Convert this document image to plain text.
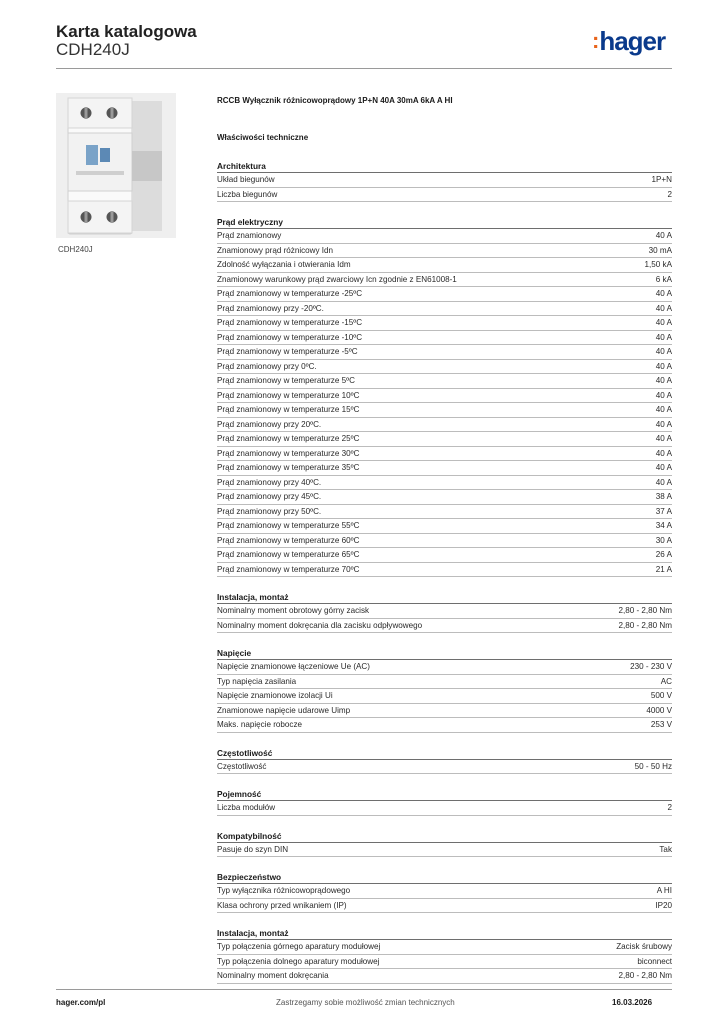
Karta katalogowa
CDH240J	:hager
CDH240J
RCCB Wyłącznik różnicowoprądowy 1P+N 40A 30mA 6kA A HI
Właściwości techniczne
Architektura
Układ biegunów	1P+N
Liczba biegunów	2
Prąd elektryczny
Prąd znamionowy	40 A
Znamionowy prąd różnicowy Idn	30 mA
Zdolność wyłączania i otwierania Idm	1,50 kA
Znamionowy warunkowy prąd zwarciowy Icn zgodnie z EN61008-1	6 kA
Prąd znamionowy w temperaturze -25ºC	40 A
Prąd znamionowy przy -20ºC.	40 A
Prąd znamionowy w temperaturze -15ºC	40 A
Prąd znamionowy w temperaturze -10ºC	40 A
Prąd znamionowy w temperaturze -5ºC	40 A
Prąd znamionowy przy 0ºC.	40 A
Prąd znamionowy w temperaturze 5ºC	40 A
Prąd znamionowy w temperaturze 10ºC	40 A
Prąd znamionowy w temperaturze 15ºC	40 A
Prąd znamionowy przy 20ºC.	40 A
Prąd znamionowy w temperaturze 25ºC	40 A
Prąd znamionowy w temperaturze 30ºC	40 A
Prąd znamionowy w temperaturze 35ºC	40 A
Prąd znamionowy przy 40ºC.	40 A
Prąd znamionowy przy 45ºC.	38 A
Prąd znamionowy przy 50ºC.	37 A
Prąd znamionowy w temperaturze 55ºC	34 A
Prąd znamionowy w temperaturze 60ºC	30 A
Prąd znamionowy w temperaturze 65ºC	26 A
Prąd znamionowy w temperaturze 70ºC	21 A
Instalacja, montaż
Nominalny moment obrotowy górny zacisk	2,80 - 2,80 Nm
Nominalny moment dokręcania dla zacisku odpływowego	2,80 - 2,80 Nm
Napięcie
Napięcie znamionowe łączeniowe Ue (AC)	230 - 230 V
Typ napięcia zasilania	AC
Napięcie znamionowe izolacji Ui	500 V
Znamionowe napięcie udarowe Uimp	4000 V
Maks. napięcie robocze	253 V
Częstotliwość
Częstotliwość	50 - 50 Hz
Pojemność
Liczba modułów	2
Kompatybilność
Pasuje do szyn DIN	Tak
Bezpieczeństwo
Typ wyłącznika różnicowoprądowego	A HI
Klasa ochrony przed wnikaniem (IP)	IP20
Instalacja, montaż
Typ połączenia górnego aparatury modułowej	Zacisk śrubowy
Typ połączenia dolnego aparatury modułowej	biconnect
Nominalny moment dokręcania	2,80 - 2,80 Nm
hager.com/pl	Zastrzegamy sobie możliwość zmian technicznych	16.03.2026
